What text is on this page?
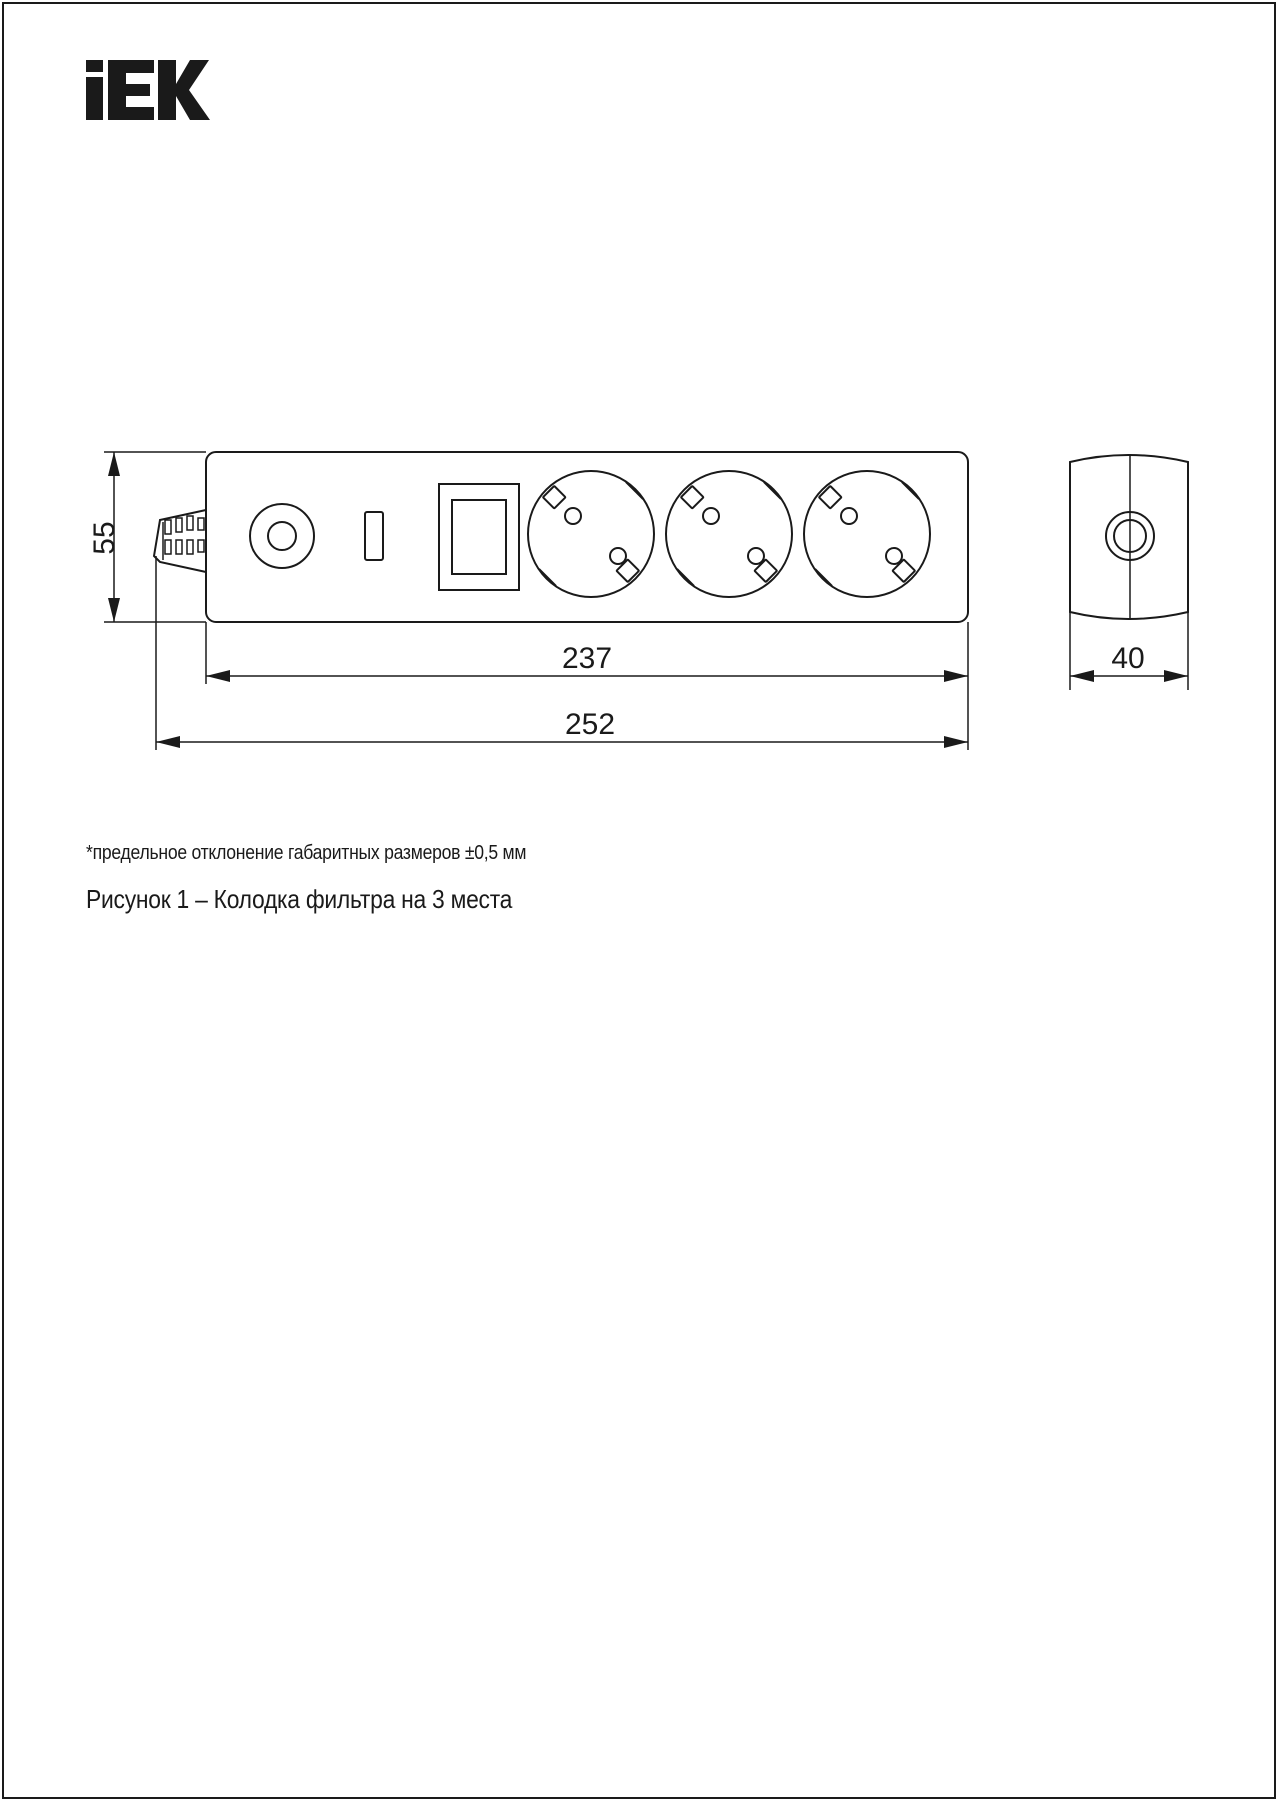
55
237
252
40
*предельное отклонение габаритных размеров ±0,5 мм
Рисунок 1 – Колодка фильтра на 3 места
